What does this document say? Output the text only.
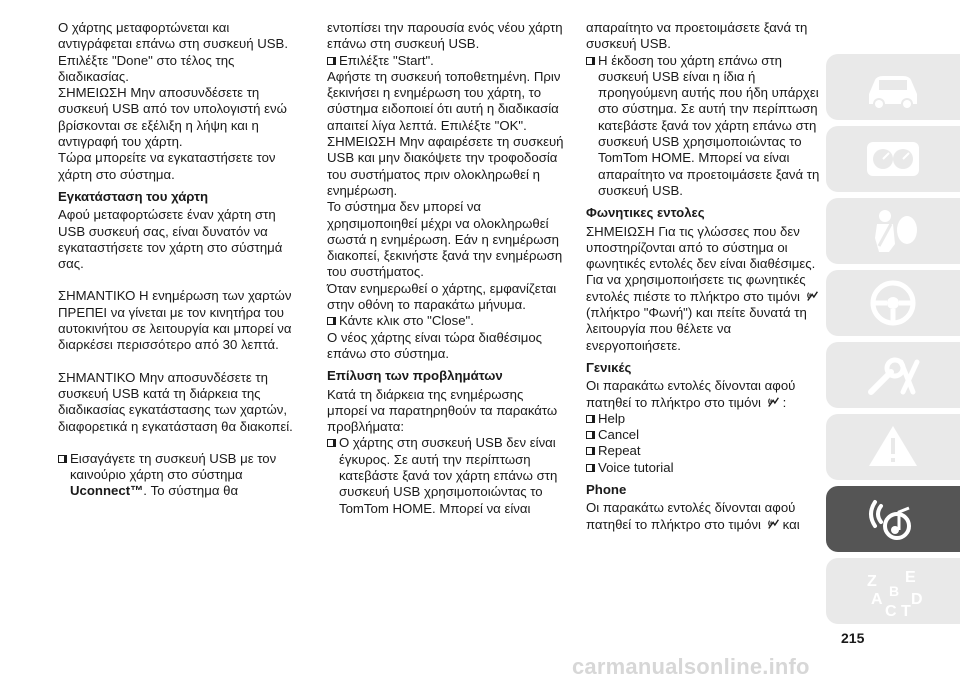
Ο χάρτης μεταφορτώνεται και αντιγράφεται επάνω στη συσκευή USB.

Επιλέξτε "Done" στο τέλος της διαδικασίας.

ΣΗΜΕΙΩΣΗ Μην αποσυνδέσετε τη συσκευή USB από τον υπολογιστή ενώ βρίσκονται σε εξέλιξη η λήψη και η αντιγραφή του χάρτη.

Τώρα μπορείτε να εγκαταστήσετε τον χάρτη στο σύστημα.

Εγκατάσταση του χάρτη

Αφού μεταφορτώσετε έναν χάρτη στη USB συσκευή σας, είναι δυνατόν να εγκαταστήσετε τον χάρτη στο σύστημά σας.

ΣΗΜΑΝΤΙΚΟ Η ενημέρωση των χαρτών ΠΡΕΠΕΙ να γίνεται με τον κινητήρα του αυτοκινήτου σε λειτουργία και μπορεί να διαρκέσει περισσότερο από 30 λεπτά.

ΣΗΜΑΝΤΙΚΟ Μην αποσυνδέσετε τη συσκευή USB κατά τη διάρκεια της διαδικασίας εγκατάστασης των χαρτών, διαφορετικά η εγκατάσταση θα διακοπεί.

Εισαγάγετε τη συσκευή USB με τον καινούριο χάρτη στο σύστημα Uconnect™. Το σύστημα θα

εντοπίσει την παρουσία ενός νέου χάρτη επάνω στη συσκευή USB.

Επιλέξτε "Start".

Αφήστε τη συσκευή τοποθετημένη. Πριν ξεκινήσει η ενημέρωση του χάρτη, το σύστημα ειδοποιεί ότι αυτή η διαδικασία απαιτεί λίγα λεπτά. Επιλέξτε "OK".

ΣΗΜΕΙΩΣΗ Μην αφαιρέσετε τη συσκευή USB και μην διακόψετε την τροφοδοσία του συστήματος πριν ολοκληρωθεί η ενημέρωση.

Το σύστημα δεν μπορεί να χρησιμοποιηθεί μέχρι να ολοκληρωθεί σωστά η ενημέρωση. Εάν η ενημέρωση διακοπεί, ξεκινήστε ξανά την ενημέρωση του συστήματος.

Όταν ενημερωθεί ο χάρτης, εμφανίζεται στην οθόνη το παρακάτω μήνυμα.

Κάντε κλικ στο "Close".

Ο νέος χάρτης είναι τώρα διαθέσιμος επάνω στο σύστημα.

Επίλυση των προβλημάτων

Κατά τη διάρκεια της ενημέρωσης μπορεί να παρατηρηθούν τα παρακάτω προβλήματα:

Ο χάρτης στη συσκευή USB δεν είναι έγκυρος. Σε αυτή την περίπτωση κατεβάστε ξανά τον χάρτη επάνω στη συσκευή USB χρησιμοποιώντας το TomTom HOME. Μπορεί να είναι

απαραίτητο να προετοιμάσετε ξανά τη συσκευή USB.

Η έκδοση του χάρτη επάνω στη συσκευή USB είναι η ίδια ή προηγούμενη αυτής που ήδη υπάρχει στο σύστημα. Σε αυτή την περίπτωση κατεβάστε ξανά τον χάρτη επάνω στη συσκευή USB χρησιμοποιώντας το TomTom HOME. Μπορεί να είναι απαραίτητο να προετοιμάσετε ξανά τη συσκευή USB.

Φωνητικες εντολες

ΣΗΜΕΙΩΣΗ Για τις γλώσσες που δεν υποστηρίζονται από το σύστημα οι φωνητικές εντολές δεν είναι διαθέσιμες. Για να χρησιμοποιήσετε τις φωνητικές εντολές πιέστε το πλήκτρο στο τιμόνι (πλήκτρο "Φωνή") και πείτε δυνατά τη λειτουργία που θέλετε να ενεργοποιήσετε.

Γενικές

Οι παρακάτω εντολές δίνονται αφού πατηθεί το πλήκτρο στο τιμόνι :

Help

Cancel

Repeat

Voice tutorial

Phone

Οι παρακάτω εντολές δίνονται αφού πατηθεί το πλήκτρο στο τιμόνι και

Z E
A B
C T
D
215
carmanualsonline.info
